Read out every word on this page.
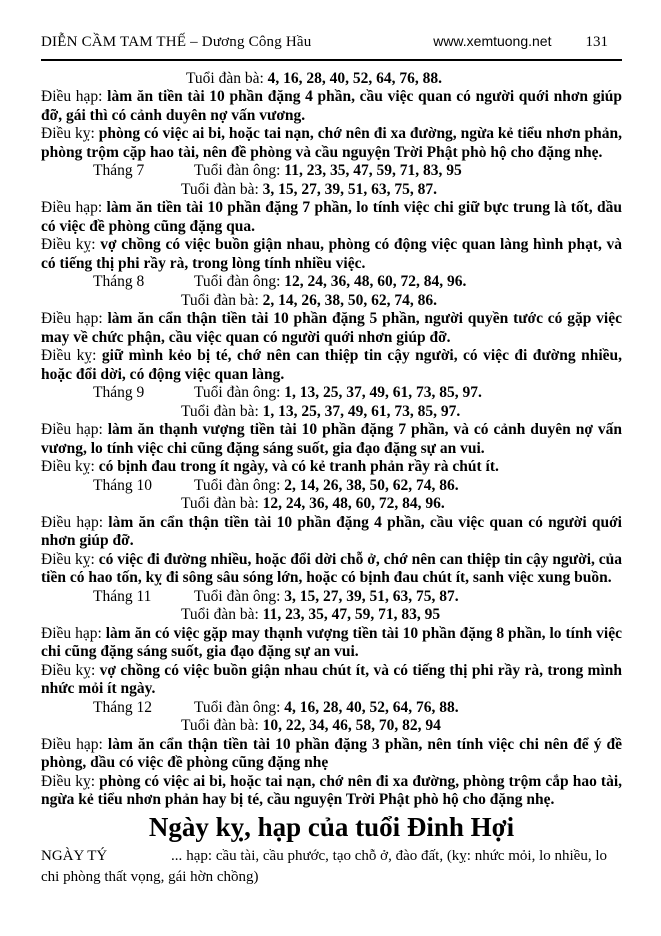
DIỄN CẦM TAM THẾ – Dương Công Hầu	www.xemtuong.net 131
Tuổi đàn bà: 4, 16, 28, 40, 52, 64, 76, 88.

Điều hạp: làm ăn tiền tài 10 phần đặng 4 phần, cầu việc quan có người quới nhơn giúp đỡ, gái thì có cảnh duyên nợ vấn vương.

Điều kỵ: phòng có việc ai bi, hoặc tai nạn, chớ nên đi xa đường, ngừa kẻ tiểu nhơn phản, phòng trộm cặp hao tài, nên đề phòng và cầu nguyện Trời Phật phò hộ cho đặng nhẹ.

Tháng 7	Tuổi đàn ông: 11, 23, 35, 47, 59, 71, 83, 95
Tuổi đàn bà: 3, 15, 27, 39, 51, 63, 75, 87.

Điều hạp: làm ăn tiền tài 10 phần đặng 7 phần, lo tính việc chi giữ bực trung là tốt, dầu có việc đề phòng cũng đặng qua.

Điều kỵ: vợ chồng có việc buồn giận nhau, phòng có động việc quan làng hình phạt, và có tiếng thị phi rầy rà, trong lòng tính nhiều việc.

Tháng 8	Tuổi đàn ông: 12, 24, 36, 48, 60, 72, 84, 96.
Tuổi đàn bà: 2, 14, 26, 38, 50, 62, 74, 86.

Điều hạp: làm ăn cẩn thận tiền tài 10 phần đặng 5 phần, người quyền tước có gặp việc may về chức phận, cầu việc quan có người quới nhơn giúp đỡ.

Điều kỵ: giữ mình kẻo bị té, chớ nên can thiệp tin cậy người, có việc đi đường nhiều, hoặc đổi dời, có động việc quan làng.

Tháng 9	Tuổi đàn ông: 1, 13, 25, 37, 49, 61, 73, 85, 97.
Tuổi đàn bà: 1, 13, 25, 37, 49, 61, 73, 85, 97.

Điều hạp: làm ăn thạnh vượng tiền tài 10 phần đặng 7 phần, và có cảnh duyên nợ vấn vương, lo tính việc chi cũng đặng sáng suốt, gia đạo đặng sự an vui.

Điều kỵ: có bịnh đau trong ít ngày, và có kẻ tranh phản rầy rà chút ít.

Tháng 10	Tuổi đàn ông: 2, 14, 26, 38, 50, 62, 74, 86.
Tuổi đàn bà: 12, 24, 36, 48, 60, 72, 84, 96.

Điều hạp: làm ăn cẩn thận tiền tài 10 phần đặng 4 phần, cầu việc quan có người quới nhơn giúp đỡ.

Điều kỵ: có việc đi đường nhiều, hoặc đổi dời chỗ ở, chớ nên can thiệp tin cậy người, của tiền có hao tốn, kỵ đi sông sâu sóng lớn, hoặc có bịnh đau chút ít, sanh việc xung buồn.

Tháng 11	Tuổi đàn ông: 3, 15, 27, 39, 51, 63, 75, 87.
Tuổi đàn bà: 11, 23, 35, 47, 59, 71, 83, 95

Điều hạp: làm ăn có việc gặp may thạnh vượng tiền tài 10 phần đặng 8 phần, lo tính việc chi cũng đặng sáng suốt, gia đạo đặng sự an vui.

Điều kỵ: vợ chồng có việc buồn giận nhau chút ít, và có tiếng thị phi rầy rà, trong mình nhức mỏi ít ngày.

Tháng 12	Tuổi đàn ông: 4, 16, 28, 40, 52, 64, 76, 88.
Tuổi đàn bà: 10, 22, 34, 46, 58, 70, 82, 94

Điều hạp: làm ăn cẩn thận tiền tài 10 phần đặng 3 phần, nên tính việc chi nên để ý đề phòng, dầu có việc đề phòng cũng đặng nhẹ

Điều kỵ: phòng có việc ai bi, hoặc tai nạn, chớ nên đi xa đường, phòng trộm cắp hao tài, ngừa kẻ tiểu nhơn phản hay bị té, cầu nguyện Trời Phật phò hộ cho đặng nhẹ.

Ngày kỵ, hạp của tuổi Đinh Hợi

NGÀY TÝ	... hạp: cầu tài, cầu phước, tạo chỗ ở, đào đất, (kỵ: nhức mỏi, lo nhiều, lo chi phòng thất vọng, gái hờn chồng)
